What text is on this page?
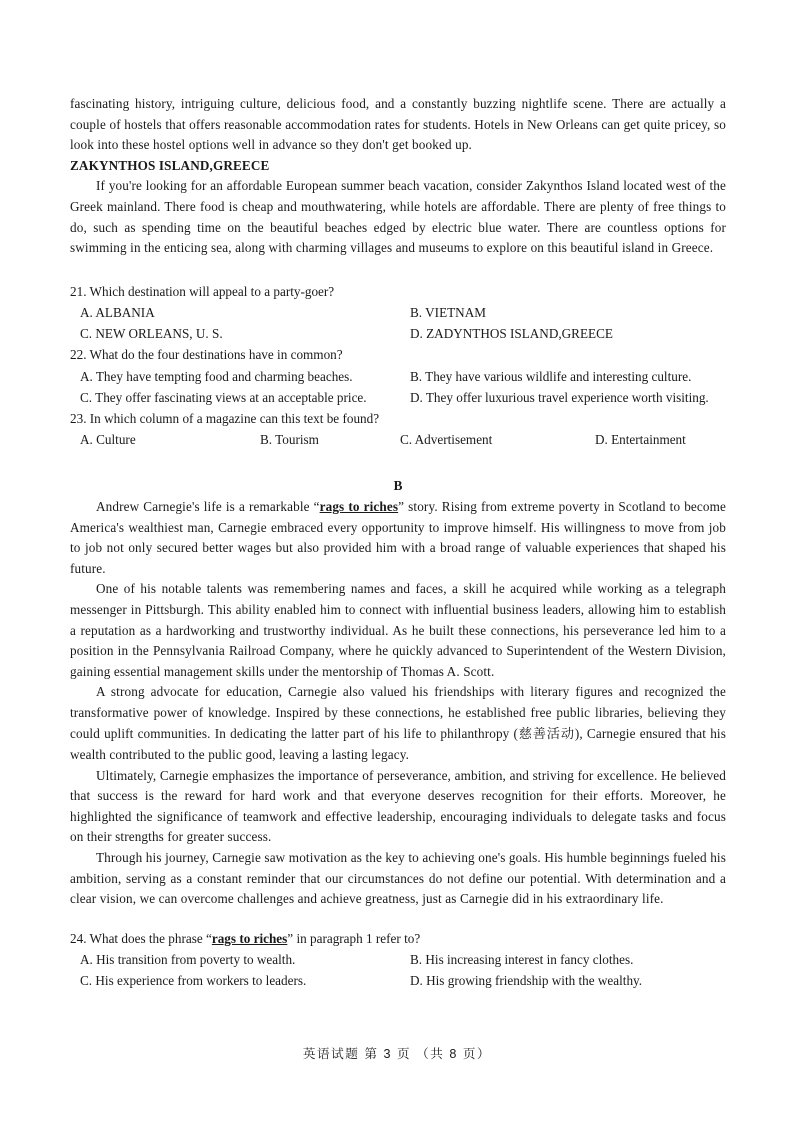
fascinating history, intriguing culture, delicious food, and a constantly buzzing nightlife scene. There are actually a couple of hostels that offers reasonable accommodation rates for students. Hotels in New Orleans can get quite pricey, so look into these hostel options well in advance so they don't get booked up.

ZAKYNTHOS ISLAND,GREECE

If you're looking for an affordable European summer beach vacation, consider Zakynthos Island located west of the Greek mainland. There food is cheap and mouthwatering, while hotels are affordable. There are plenty of free things to do, such as spending time on the beautiful beaches edged by electric blue water. There are countless options for swimming in the enticing sea, along with charming villages and museums to explore on this beautiful island in Greece.

21. Which destination will appeal to a party-goer?

A. ALBANIA	B. VIETNAM
C. NEW ORLEANS, U. S.	D. ZADYNTHOS ISLAND,GREECE

22. What do the four destinations have in common?

A. They have tempting food and charming beaches.	B. They have various wildlife and interesting culture.
C. They offer fascinating views at an acceptable price.	D. They offer luxurious travel experience worth visiting.

23. In which column of a magazine can this text be found?

A. Culture	B. Tourism	C. Advertisement	D. Entertainment

B

Andrew Carnegie's life is a remarkable “rags to riches” story. Rising from extreme poverty in Scotland to become America's wealthiest man, Carnegie embraced every opportunity to improve himself. His willingness to move from job to job not only secured better wages but also provided him with a broad range of valuable experiences that shaped his future.

One of his notable talents was remembering names and faces, a skill he acquired while working as a telegraph messenger in Pittsburgh. This ability enabled him to connect with influential business leaders, allowing him to establish a reputation as a hardworking and trustworthy individual. As he built these connections, his perseverance led him to a position in the Pennsylvania Railroad Company, where he quickly advanced to Superintendent of the Western Division, gaining essential management skills under the mentorship of Thomas A. Scott.

A strong advocate for education, Carnegie also valued his friendships with literary figures and recognized the transformative power of knowledge. Inspired by these connections, he established free public libraries, believing they could uplift communities. In dedicating the latter part of his life to philanthropy (慈善活动), Carnegie ensured that his wealth contributed to the public good, leaving a lasting legacy.

Ultimately, Carnegie emphasizes the importance of perseverance, ambition, and striving for excellence. He believed that success is the reward for hard work and that everyone deserves recognition for their efforts. Moreover, he highlighted the significance of teamwork and effective leadership, encouraging individuals to delegate tasks and focus on their strengths for greater success.

Through his journey, Carnegie saw motivation as the key to achieving one's goals. His humble beginnings fueled his ambition, serving as a constant reminder that our circumstances do not define our potential. With determination and a clear vision, we can overcome challenges and achieve greatness, just as Carnegie did in his extraordinary life.

24. What does the phrase “rags to riches” in paragraph 1 refer to?

A. His transition from poverty to wealth.	B. His increasing interest in fancy clothes.
C. His experience from workers to leaders.	D. His growing friendship with the wealthy.
英语试题 第 3 页 （共 8 页）
